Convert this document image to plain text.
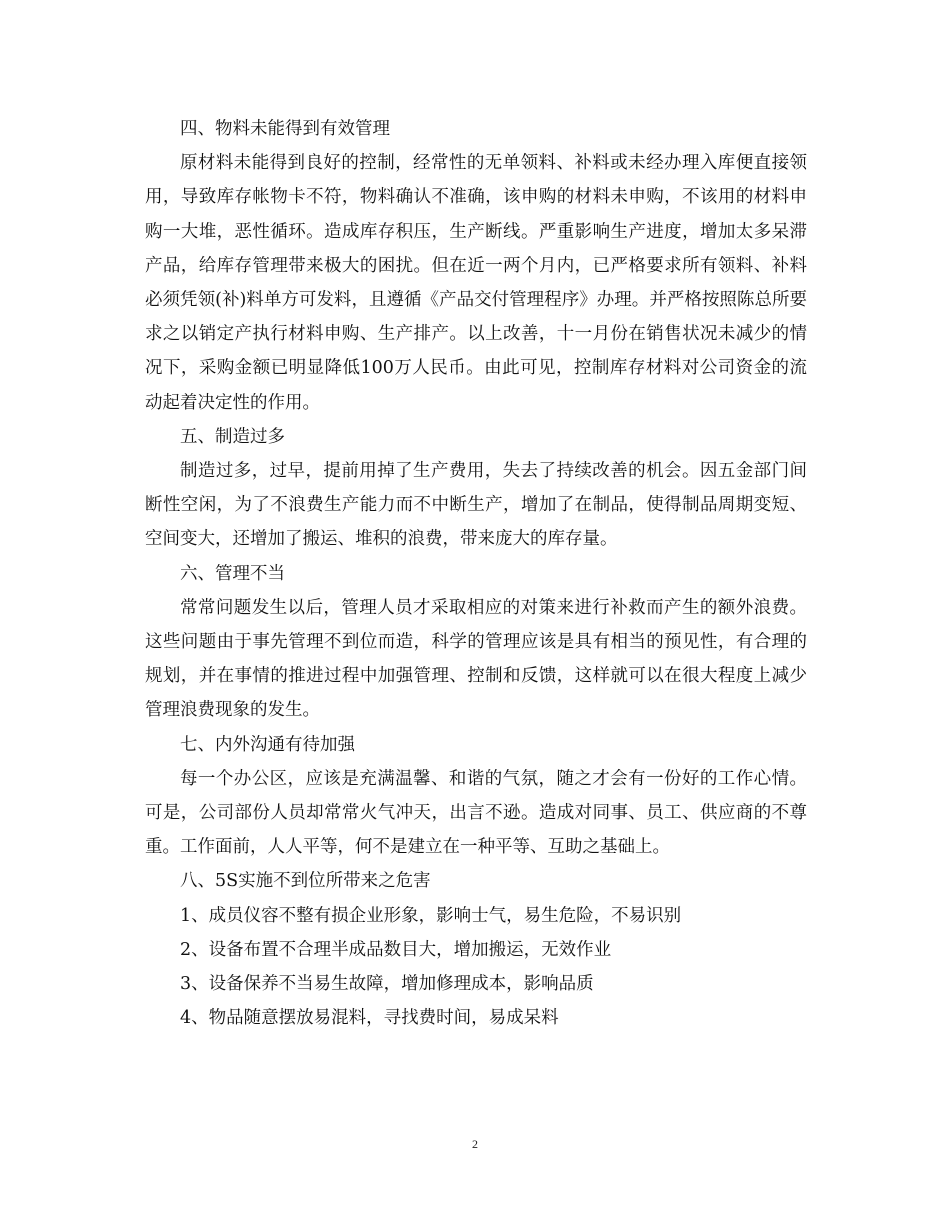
四、物料未能得到有效管理

原材料未能得到良好的控制，经常性的无单领料、补料或未经办理入库便直接领用，导致库存帐物卡不符，物料确认不准确，该申购的材料未申购，不该用的材料申购一大堆，恶性循环。造成库存积压，生产断线。严重影响生产进度，增加太多呆滞产品，给库存管理带来极大的困扰。但在近一两个月内，已严格要求所有领料、补料必须凭领(补)料单方可发料，且遵循《产品交付管理程序》办理。并严格按照陈总所要求之以销定产执行材料申购、生产排产。以上改善，十一月份在销售状况未减少的情况下，采购金额已明显降低100万人民币。由此可见，控制库存材料对公司资金的流动起着决定性的作用。

五、制造过多

制造过多，过早，提前用掉了生产费用，失去了持续改善的机会。因五金部门间断性空闲，为了不浪费生产能力而不中断生产，增加了在制品，使得制品周期变短、空间变大，还增加了搬运、堆积的浪费，带来庞大的库存量。

六、管理不当

常常问题发生以后，管理人员才采取相应的对策来进行补救而产生的额外浪费。这些问题由于事先管理不到位而造，科学的管理应该是具有相当的预见性，有合理的规划，并在事情的推进过程中加强管理、控制和反馈，这样就可以在很大程度上减少管理浪费现象的发生。

七、内外沟通有待加强

每一个办公区，应该是充满温馨、和谐的气氛，随之才会有一份好的工作心情。可是，公司部份人员却常常火气冲天，出言不逊。造成对同事、员工、供应商的不尊重。工作面前，人人平等，何不是建立在一种平等、互助之基础上。

八、5S实施不到位所带来之危害

1、成员仪容不整有损企业形象，影响士气，易生危险，不易识别

2、设备布置不合理半成品数目大，增加搬运，无效作业

3、设备保养不当易生故障，增加修理成本，影响品质

4、物品随意摆放易混料，寻找费时间，易成呆料

2
